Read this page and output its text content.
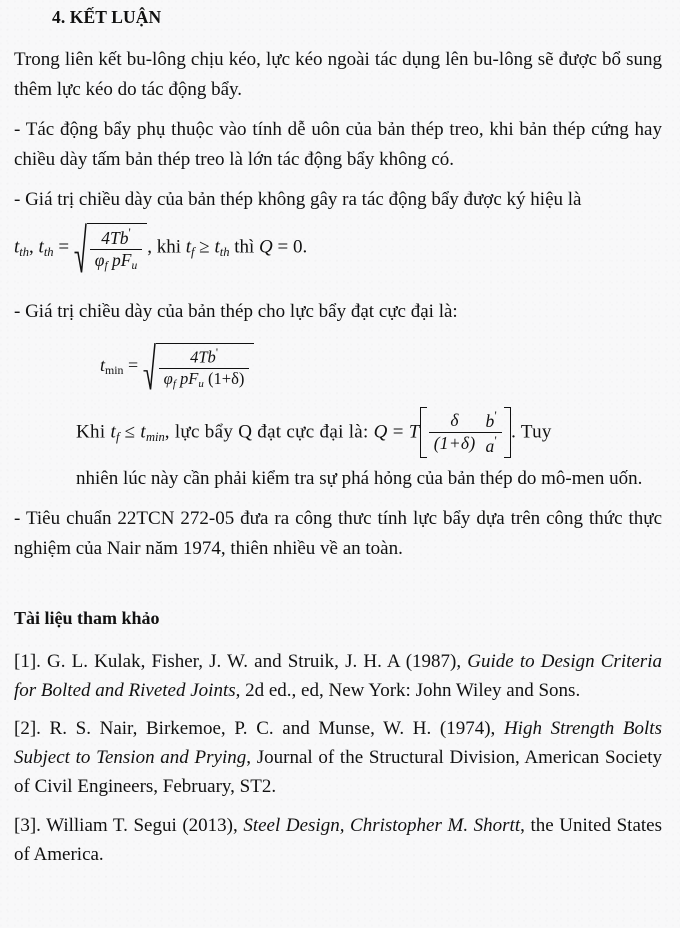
4. KẾT LUẬN

Trong liên kết bu-lông chịu kéo, lực kéo ngoài tác dụng lên bu-lông sẽ được bổ sung thêm lực kéo do tác động bẩy.

- Tác động bẩy phụ thuộc vào tính dễ uôn của bản thép treo, khi bản thép cứng hay chiều dày tấm bản thép treo là lớn tác động bẩy không có.

- Giá trị chiều dày của bản thép không gây ra tác động bẩy được ký hiệu là

$t_{th}$, $t_{th} = \frac{4Tb'}{\varphi_f pF_u}$ , khi $t_f \ge t_{th}$ thì Q = 0.

- Giá trị chiều dày của bản thép cho lực bẩy đạt cực đại là:

$t_{min} = \frac{4Tb'}{\varphi_f pF_u (1+\delta)}$
Khi $t_f \le t_{min}$, lực bẩy Q đạt cực đại là: Q = T $\frac{\delta}{(1+\delta)} \frac{b'}{a'}$ . Tuy

nhiên lúc này cần phải kiểm tra sự phá hỏng của bản thép do mô-men uốn.

- Tiêu chuẩn 22TCN 272-05 đưa ra công thưc tính lực bẩy dựa trên công thức thực nghiệm của Nair năm 1974, thiên nhiều về an toàn.

Tài liệu tham khảo

[1]. G. L. Kulak, Fisher, J. W. and Struik, J. H. A (1987), Guide to Design Criteria for Bolted and Riveted Joints, 2d ed., ed, New York: John Wiley and Sons.

[2]. R. S. Nair, Birkemoe, P. C. and Munse, W. H. (1974), High Strength Bolts Subject to Tension and Prying, Journal of the Structural Division, American Society of Civil Engineers, February, ST2.

[3]. William T. Segui (2013), Steel Design, Christopher M. Shortt, the United States of America.
